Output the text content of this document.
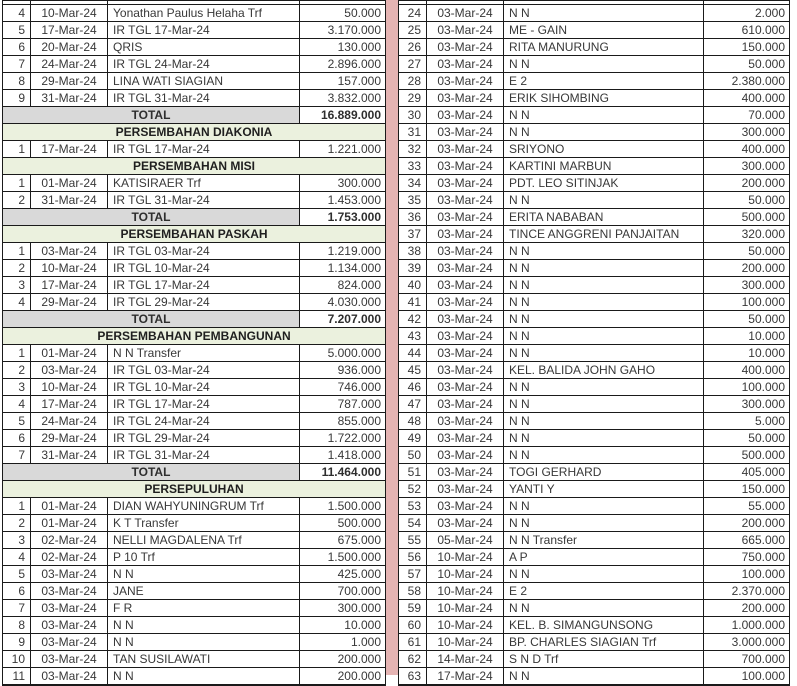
4	10-Mar-24	Yonathan Paulus Helaha Trf	50.000
5	17-Mar-24	IR TGL 17-Mar-24	3.170.000
6	20-Mar-24	QRIS	130.000
7	24-Mar-24	IR TGL 24-Mar-24	2.896.000
8	29-Mar-24	LINA WATI SIAGIAN	157.000
9	31-Mar-24	IR TGL 31-Mar-24	3.832.000
TOTAL	16.889.000
PERSEMBAHAN DIAKONIA
1	17-Mar-24	IR TGL 17-Mar-24	1.221.000
PERSEMBAHAN MISI
1	01-Mar-24	KATISIRAER Trf	300.000
2	31-Mar-24	IR TGL 31-Mar-24	1.453.000
TOTAL	1.753.000
PERSEMBAHAN PASKAH
1	03-Mar-24	IR TGL 03-Mar-24	1.219.000
2	10-Mar-24	IR TGL 10-Mar-24	1.134.000
3	17-Mar-24	IR TGL 17-Mar-24	824.000
4	29-Mar-24	IR TGL 29-Mar-24	4.030.000
TOTAL	7.207.000
PERSEMBAHAN PEMBANGUNAN
1	01-Mar-24	N N Transfer	5.000.000
2	03-Mar-24	IR TGL 03-Mar-24	936.000
3	10-Mar-24	IR TGL 10-Mar-24	746.000
4	17-Mar-24	IR TGL 17-Mar-24	787.000
5	24-Mar-24	IR TGL 24-Mar-24	855.000
6	29-Mar-24	IR TGL 29-Mar-24	1.722.000
7	31-Mar-24	IR TGL 31-Mar-24	1.418.000
TOTAL	11.464.000
PERSEPULUHAN
1	01-Mar-24	DIAN WAHYUNINGRUM Trf	1.500.000
2	01-Mar-24	K T Transfer	500.000
3	02-Mar-24	NELLI MAGDALENA Trf	675.000
4	02-Mar-24	P 10 Trf	1.500.000
5	03-Mar-24	N N	425.000
6	03-Mar-24	JANE	700.000
7	03-Mar-24	F R	300.000
8	03-Mar-24	N N	10.000
9	03-Mar-24	N N	1.000
10	03-Mar-24	TAN SUSILAWATI	200.000
11	03-Mar-24	N N	200.000
24	03-Mar-24	N N	2.000
25	03-Mar-24	ME - GAIN	610.000
26	03-Mar-24	RITA MANURUNG	150.000
27	03-Mar-24	N N	50.000
28	03-Mar-24	E 2	2.380.000
29	03-Mar-24	ERIK SIHOMBING	400.000
30	03-Mar-24	N N	70.000
31	03-Mar-24	N N	300.000
32	03-Mar-24	SRIYONO	400.000
33	03-Mar-24	KARTINI MARBUN	300.000
34	03-Mar-24	PDT. LEO SITINJAK	200.000
35	03-Mar-24	N N	50.000
36	03-Mar-24	ERITA NABABAN	500.000
37	03-Mar-24	TINCE ANGGRENI PANJAITAN	320.000
38	03-Mar-24	N N	50.000
39	03-Mar-24	N N	200.000
40	03-Mar-24	N N	300.000
41	03-Mar-24	N N	100.000
42	03-Mar-24	N N	50.000
43	03-Mar-24	N N	10.000
44	03-Mar-24	N N	10.000
45	03-Mar-24	KEL. BALIDA JOHN GAHO	400.000
46	03-Mar-24	N N	100.000
47	03-Mar-24	N N	300.000
48	03-Mar-24	N N	5.000
49	03-Mar-24	N N	50.000
50	03-Mar-24	N N	500.000
51	03-Mar-24	TOGI GERHARD	405.000
52	03-Mar-24	YANTI Y	150.000
53	03-Mar-24	N N	55.000
54	03-Mar-24	N N	200.000
55	05-Mar-24	N N Transfer	665.000
56	10-Mar-24	A P	750.000
57	10-Mar-24	N N	100.000
58	10-Mar-24	E 2	2.370.000
59	10-Mar-24	N N	200.000
60	10-Mar-24	KEL. B. SIMANGUNSONG	1.000.000
61	10-Mar-24	BP. CHARLES SIAGIAN Trf	3.000.000
62	14-Mar-24	S N D Trf	700.000
63	17-Mar-24	N N	100.000
